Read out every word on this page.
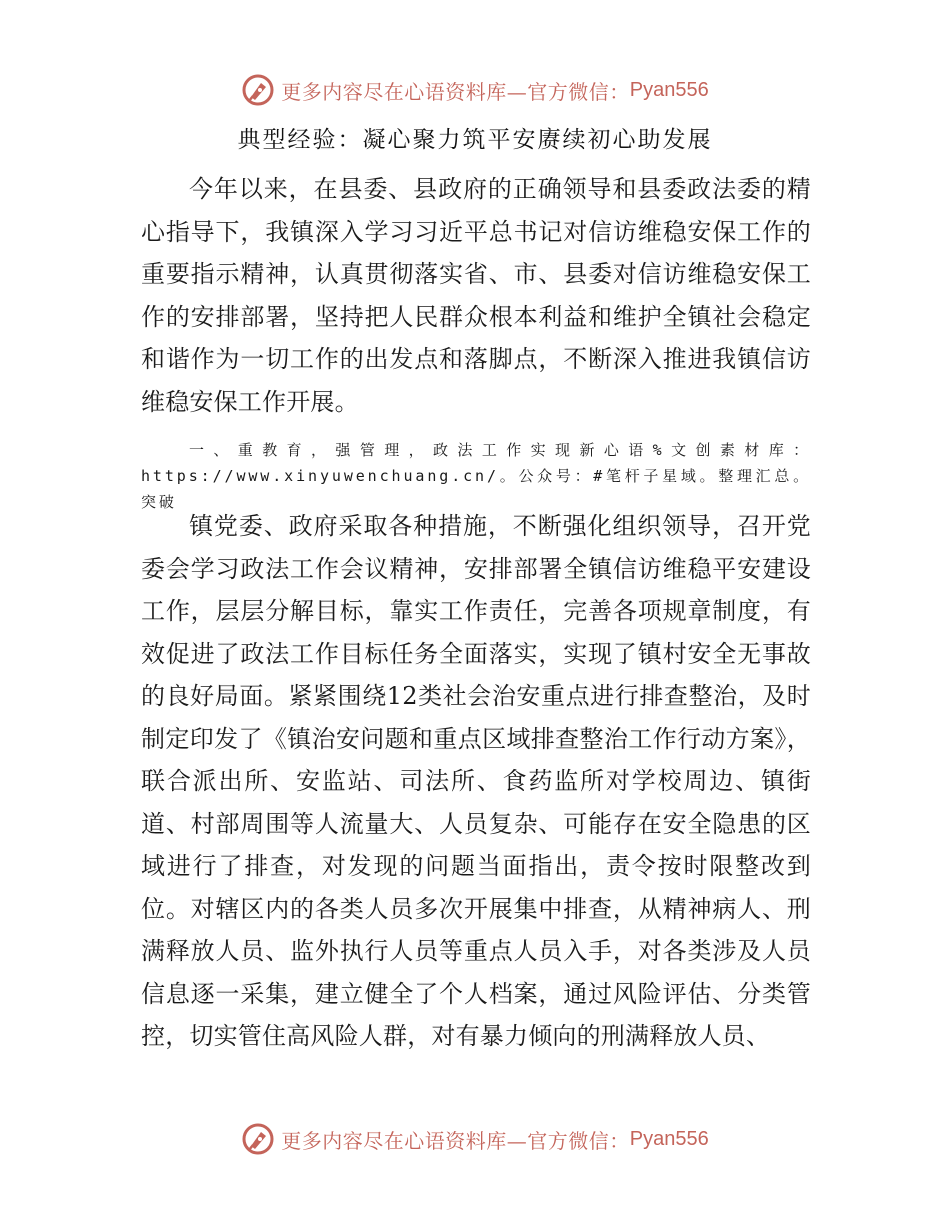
更多内容尽在心语资料库—官方微信： Pyan556
典型经验：凝心聚力筑平安赓续初心助发展

今年以来，在县委、县政府的正确领导和县委政法委的精心指导下，我镇深入学习习近平总书记对信访维稳安保工作的重要指示精神，认真贯彻落实省、市、县委对信访维稳安保工作的安排部署，坚持把人民群众根本利益和维护全镇社会稳定和谐作为一切工作的出发点和落脚点，不断深入推进我镇信访维稳安保工作开展。

一、重教育，强管理，政法工作实现新心语%文创素材库：https://www.xinyuwenchuang.cn/。公众号：#笔杆子星域。整理汇总。突破

镇党委、政府采取各种措施，不断强化组织领导，召开党委会学习政法工作会议精神，安排部署全镇信访维稳平安建设工作，层层分解目标，靠实工作责任，完善各项规章制度，有效促进了政法工作目标任务全面落实，实现了镇村安全无事故的良好局面。紧紧围绕12类社会治安重点进行排查整治，及时制定印发了《镇治安问题和重点区域排查整治工作行动方案》，联合派出所、安监站、司法所、食药监所对学校周边、镇街道、村部周围等人流量大、人员复杂、可能存在安全隐患的区域进行了排查，对发现的问题当面指出，责令按时限整改到位。对辖区内的各类人员多次开展集中排查，从精神病人、刑满释放人员、监外执行人员等重点人员入手，对各类涉及人员信息逐一采集，建立健全了个人档案，通过风险评估、分类管控，切实管住高风险人群，对有暴力倾向的刑满释放人员、

更多内容尽在心语资料库—官方微信： Pyan556
